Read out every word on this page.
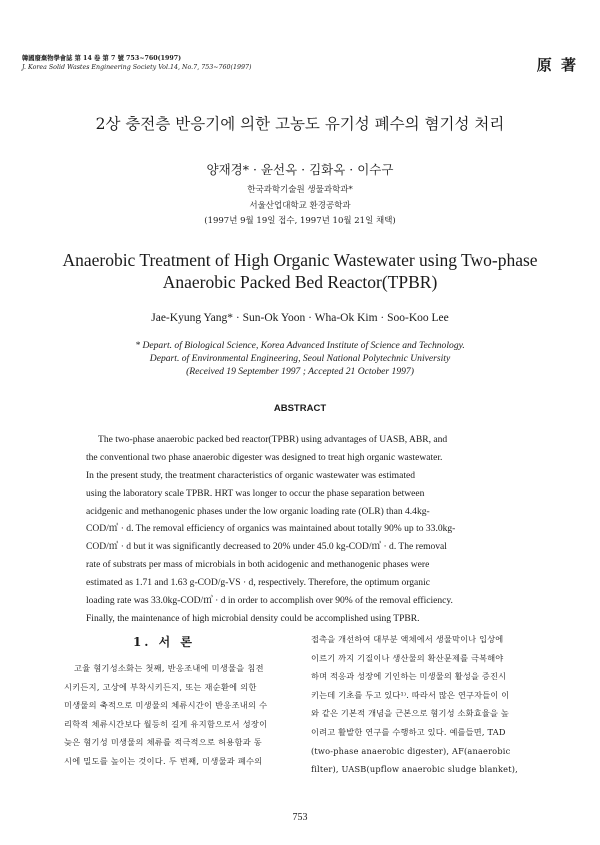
韓國廢棄物學會誌 第 14 卷 第 7 號 753~760(1997)
J. Korea Solid Wastes Engineering Society Vol.14, No.7, 753~760(1997)	原 著
2상 충전층 반응기에 의한 고농도 유기성 폐수의 혐기성 처리
양재경* · 윤선옥 · 김화옥 · 이수구
한국과학기술원 생물과학과*
서울산업대학교 환경공학과
(1997년 9월 19일 접수, 1997년 10월 21일 채택)
Anaerobic Treatment of High Organic Wastewater using Two-phase
Anaerobic Packed Bed Reactor(TPBR)
Jae-Kyung Yang* · Sun-Ok Yoon · Wha-Ok Kim · Soo-Koo Lee
* Depart. of Biological Science, Korea Advanced Institute of Science and Technology.
Depart. of Environmental Engineering, Seoul National Polytechnic University
(Received 19 September 1997 ; Accepted 21 October 1997)
ABSTRACT
The two-phase anaerobic packed bed reactor(TPBR) using advantages of UASB, ABR, and
the conventional two phase anaerobic digester was designed to treat high organic wastewater.
In the present study, the treatment characteristics of organic wastewater was estimated
using the laboratory scale TPBR. HRT was longer to occur the phase separation between
acidgenic and methanogenic phases under the low organic loading rate (OLR) than 4.4kg-
COD/㎥ · d. The removal efficiency of organics was maintained about totally 90% up to 33.0kg-
COD/㎥ · d but it was significantly decreased to 20% under 45.0 kg-COD/㎥ · d. The removal
rate of substrats per mass of microbials in both acidogenic and methanogenic phases were
estimated as 1.71 and 1.63 g-COD/g-VS · d, respectively. Therefore, the optimum organic
loading rate was 33.0kg-COD/㎥ · d in order to accomplish over 90% of the removal efficiency.
Finally, the maintenance of high microbial density could be accomplished using TPBR.
1. 서 론
고율 혐기성소화는 첫째, 반응조내에 미생물을 침전
시키든지, 고상에 부착시키든지, 또는 재순환에 의한
미생물의 축적으로 미생물의 체류시간이 반응조내의 수
리학적 체류시간보다 월등히 길게 유지함으로서 성장이
늦은 혐기성 미생물의 체류를 적극적으로 허용함과 동
시에 밀도를 높이는 것이다. 두 번째, 미생물과 폐수의
접촉을 개선하여 대부분 액체에서 생물막이나 입상에
이르기 까지 기질이나 생산물의 확산문제를 극복해야
하며 적응과 성장에 기인하는 미생물의 활성을 증진시
키는데 기초를 두고 있다¹⁾. 따라서 많은 연구자들이 이
와 같은 기본적 개념을 근본으로 혐기성 소화효율을 높
이려고 활발한 연구를 수행하고 있다. 예를들면, TAD
(two-phase anaerobic digester), AF(anaerobic
filter), UASB(upflow anaerobic sludge blanket),
753
